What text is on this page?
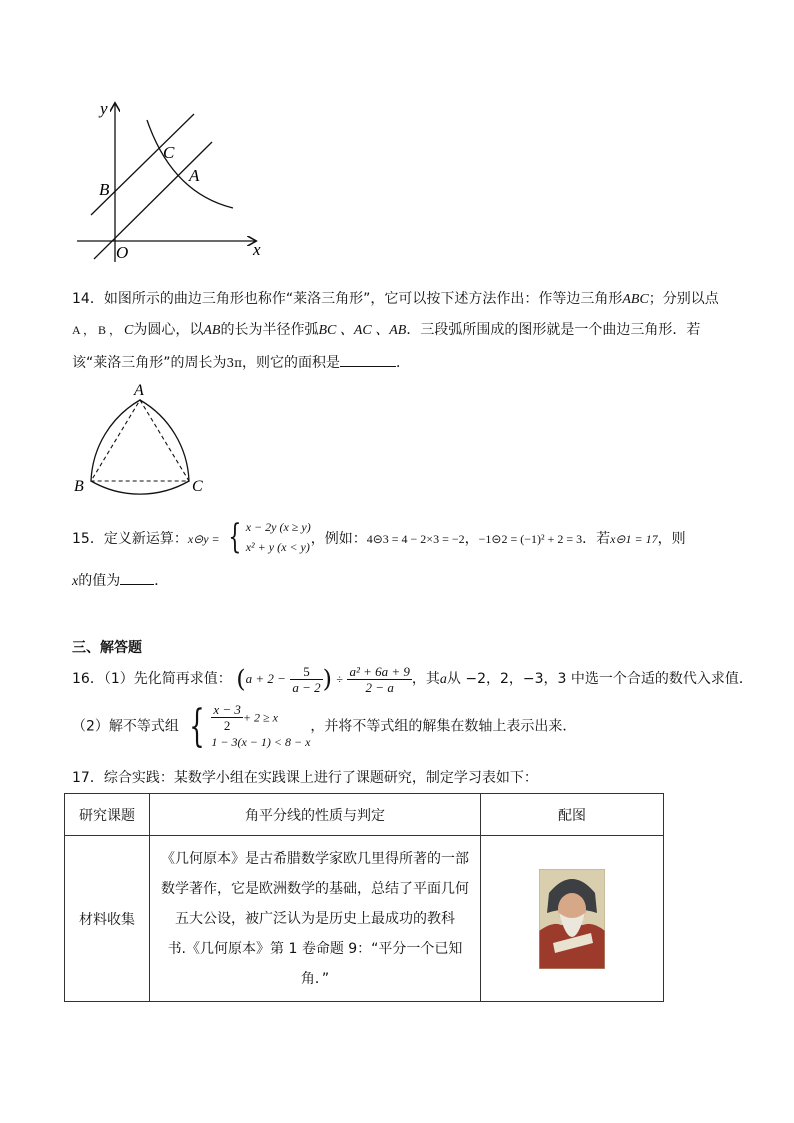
y
x
O
B
C
A
14．如图所示的曲边三角形也称作“莱洛三角形”，它可以按下述方法作出：作等边三角形ABC；分别以点
A ， B ， C为圆心，以AB的长为半径作弧BC 、AC 、AB．三段弧所围成的图形就是一个曲边三角形．若
该“莱洛三角形”的周长为3π，则它的面积是	．
A
B	C
15．定义新运算：x⊝y = { x − 2y (x ≥ y)
x² + y (x < y) ，例如：4⊝3 = 4 − 2×3 = −2，−1⊝2 = (−1)² + 2 = 3．若x⊝1 = 17，则
x的值为 ．
三、解答题
16．（1）先化简再求值： ($a + 2 - \frac{5}{a - 2}$ ) ÷ $\frac{\text{a² + 6a + 9}}{2 - a}$ ，其a从 −2，2，−3，3 中选一个合适的数代入求值．
（2）解不等式组 { $\frac{x - 3}{2} + 2 \ge x$
1 − 3(x − 1) < 8 − x
，并将不等式组的解集在数轴上表示出来．
17．综合实践：某数学小组在实践课上进行了课题研究，制定学习表如下：
研究课题	角平分线的性质与判定	配图
材料收集	《几何原本》是古希腊数学家欧几里得所著的一部
数学著作，它是欧洲数学的基础，总结了平面几何
五大公设，被广泛认为是历史上最成功的教科
书.《几何原本》第 1 卷命题 9：“平分一个已知
角．”
